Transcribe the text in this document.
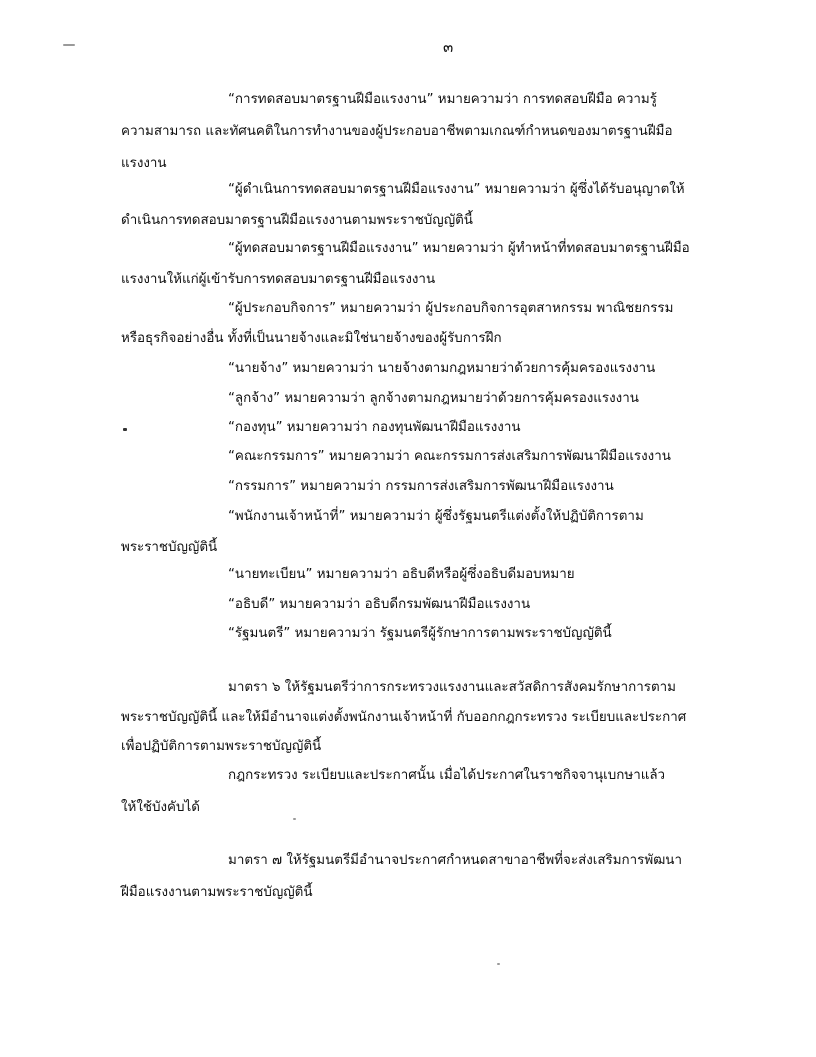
๓
“การทดสอบมาตรฐานฝีมือแรงงาน” หมายความว่า การทดสอบฝีมือ ความรู้
ความสามารถ และทัศนคติในการทำงานของผู้ประกอบอาชีพตามเกณฑ์กำหนดของมาตรฐานฝีมือ
แรงงาน
“ผู้ดำเนินการทดสอบมาตรฐานฝีมือแรงงาน” หมายความว่า ผู้ซึ่งได้รับอนุญาตให้
ดำเนินการทดสอบมาตรฐานฝีมือแรงงานตามพระราชบัญญัตินี้
“ผู้ทดสอบมาตรฐานฝีมือแรงงาน” หมายความว่า ผู้ทำหน้าที่ทดสอบมาตรฐานฝีมือ
แรงงานให้แก่ผู้เข้ารับการทดสอบมาตรฐานฝีมือแรงงาน
“ผู้ประกอบกิจการ” หมายความว่า ผู้ประกอบกิจการอุตสาหกรรม พาณิชยกรรม
หรือธุรกิจอย่างอื่น ทั้งที่เป็นนายจ้างและมิใช่นายจ้างของผู้รับการฝึก
“นายจ้าง” หมายความว่า นายจ้างตามกฎหมายว่าด้วยการคุ้มครองแรงงาน
“ลูกจ้าง” หมายความว่า ลูกจ้างตามกฎหมายว่าด้วยการคุ้มครองแรงงาน
“กองทุน” หมายความว่า กองทุนพัฒนาฝีมือแรงงาน
“คณะกรรมการ” หมายความว่า คณะกรรมการส่งเสริมการพัฒนาฝีมือแรงงาน
“กรรมการ” หมายความว่า กรรมการส่งเสริมการพัฒนาฝีมือแรงงาน
“พนักงานเจ้าหน้าที่” หมายความว่า ผู้ซึ่งรัฐมนตรีแต่งตั้งให้ปฏิบัติการตาม
พระราชบัญญัตินี้
“นายทะเบียน” หมายความว่า อธิบดีหรือผู้ซึ่งอธิบดีมอบหมาย
“อธิบดี” หมายความว่า อธิบดีกรมพัฒนาฝีมือแรงงาน
“รัฐมนตรี” หมายความว่า รัฐมนตรีผู้รักษาการตามพระราชบัญญัตินี้
มาตรา ๖ ให้รัฐมนตรีว่าการกระทรวงแรงงานและสวัสดิการสังคมรักษาการตาม
พระราชบัญญัตินี้ และให้มีอำนาจแต่งตั้งพนักงานเจ้าหน้าที่ กับออกกฎกระทรวง ระเบียบและประกาศ
เพื่อปฏิบัติการตามพระราชบัญญัตินี้
กฎกระทรวง ระเบียบและประกาศนั้น เมื่อได้ประกาศในราชกิจจานุเบกษาแล้ว
ให้ใช้บังคับได้
มาตรา ๗ ให้รัฐมนตรีมีอำนาจประกาศกำหนดสาขาอาชีพที่จะส่งเสริมการพัฒนา
ฝีมือแรงงานตามพระราชบัญญัตินี้
